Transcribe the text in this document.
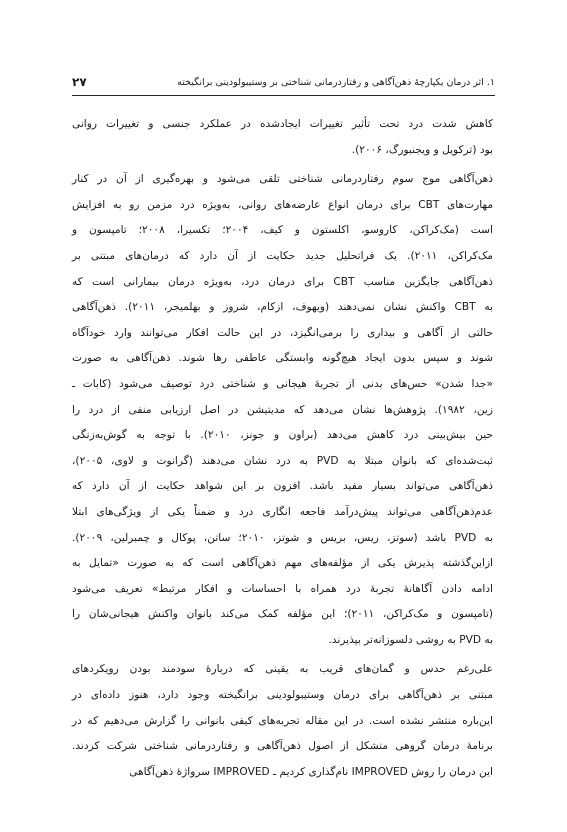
۲۷	۱. اثر درمان یکپارچهٔ ذهن‌آگاهی و رفتاردرمانی شناختی بر وستیبولودینی برانگیخته
کاهش شدت درد تحت تأثیر تغییرات ایجادشده در عملکرد جنسی و تغییرات روانی
بود (ترکویل و ویجنبورگ، ۲۰۰۶).
ذهن‌آگاهی موج سوم رفتاردرمانی شناختی تلقی می‌شود و بهره‌گیری از آن در کنار
مهارت‌های CBT برای درمان انواع عارضه‌های روانی، به‌ویژه درد مزمن رو به افزایش
است (مک‌کراکن، کاروسو، اکلستون و کیف، ۲۰۰۴؛ تکسیرا، ۲۰۰۸؛ تامپسون و
مک‌کراکن، ۲۰۱۱). یک فراتحلیل جدید حکایت از آن دارد که درمان‌های مبتنی بر
ذهن‌آگاهی جایگزین مناسب CBT برای درمان درد، به‌ویژه درمان بیمارانی است که
به CBT واکنش نشان نمی‌دهند (ویهوف، ازکام، شروز و بهلمیجر، ۲۰۱۱). ذهن‌آگاهی
حالتی از آگاهی و بیداری را برمی‌انگیزد، در این حالت افکار می‌توانند وارد خودآگاه
شوند و سپس بدون ایجاد هیچ‌گونه وابستگی عاطفی رها شوند. ذهن‌آگاهی به صورت
«جدا شدن» حس‌های بدنی از تجربهٔ هیجانی و شناختی درد توصیف می‌شود (کابات ـ
زین، ۱۹۸۲). پژوهش‌ها نشان می‌دهد که مدیتیشن در اصل ارزیابی منفی از درد را
حین بیش‌بینی درد کاهش می‌دهد (براون و جونز، ۲۰۱۰). با توجه به گوش‌به‌زنگی
ثبت‌شده‌ای که بانوان مبتلا به PVD به درد نشان می‌دهند (گرانوت و لاوی، ۲۰۰۵)،
ذهن‌آگاهی می‌تواند بسیار مفید باشد. افزون بر این شواهد حکایت از آن دارد که
عدم‌ذهن‌آگاهی می‌تواند پیش‌درآمد فاجعه انگاری درد و ضمناً یکی از ویژگی‌های ابتلا
به PVD باشد (سوتز، ریس، بریس و شوتز، ۲۰۱۰؛ ساتن، پوکال و چمبرلین، ۲۰۰۹).
ازاین‌گذشته پذیرش یکی از مؤلفه‌های مهم ذهن‌آگاهی است که به صورت «تمایل به
ادامه دادن آگاهانهٔ تجربهٔ درد همراه با احساسات و افکار مرتبط» تعریف می‌شود
(تامپسون و مک‌کراکن، ۲۰۱۱)؛ این مؤلفه کمک می‌کند بانوان واکنش هیجانی‌شان را
به PVD به روشی دلسوزانه‌تر بپذیرند.
علی‌رغم حدس و گمان‌های قریب به یقینی که دربارهٔ سودمند بودن رویکردهای
مبتنی بر ذهن‌آگاهی برای درمان وستیبولودینی برانگیخته وجود دارد، هنوز داده‌ای در
این‌باره منتشر نشده است. در این مقاله تجربه‌های کیفی بانوانی را گزارش می‌دهیم که در
برنامهٔ درمان گروهی متشکل از اصول ذهن‌آگاهی و رفتاردرمانی شناختی شرکت کردند.
این درمان را روش IMPROVED نام‌گذاری کردیم ـ IMPROVED سرواژهٔ ذهن‌آگاهی
